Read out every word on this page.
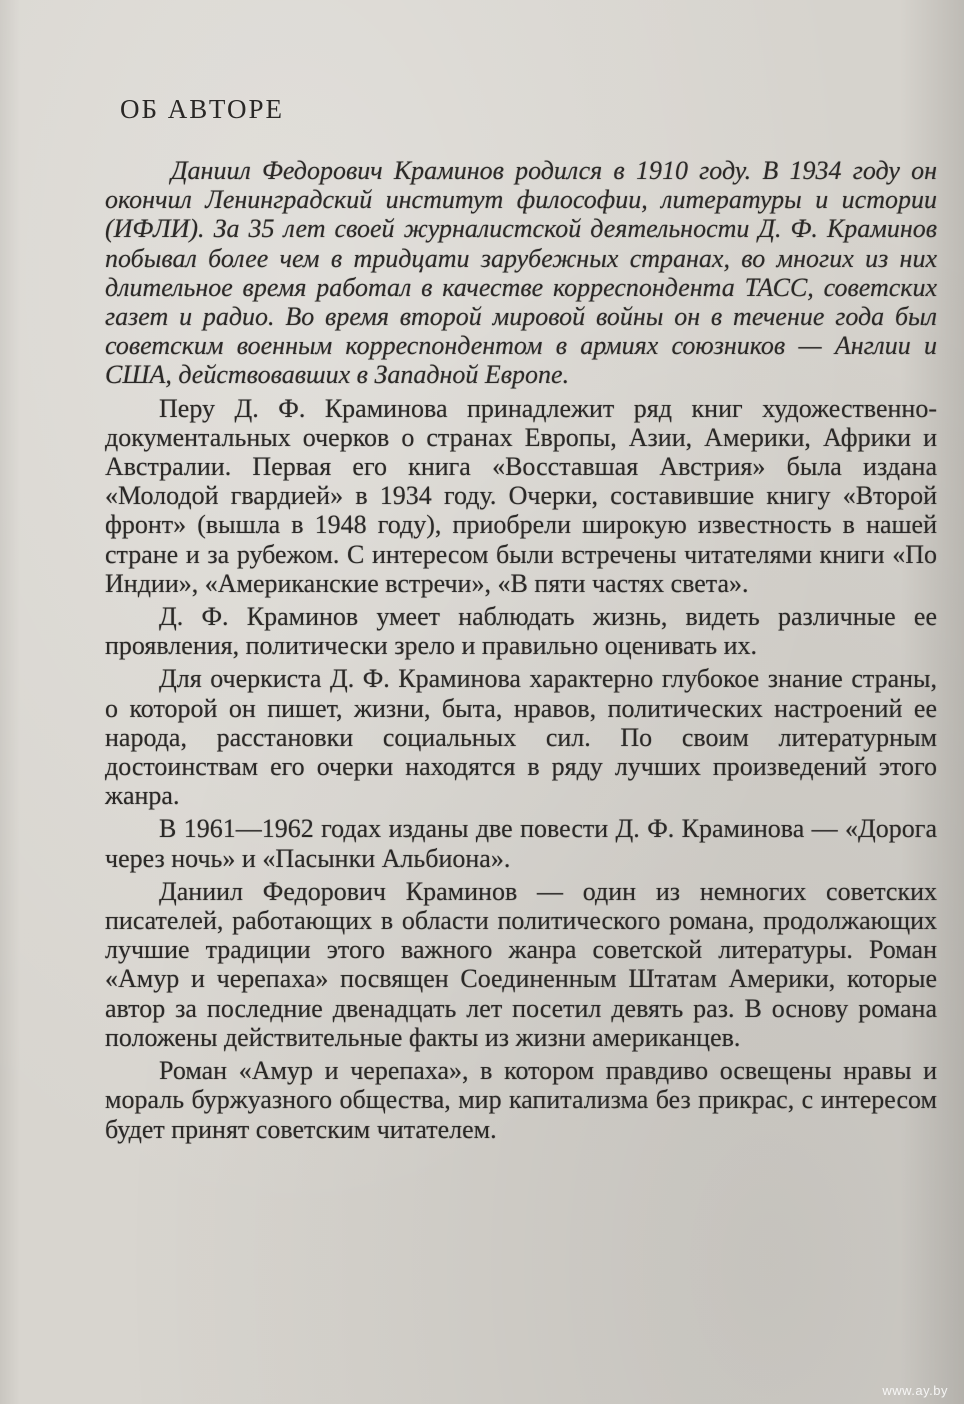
ОБ АВТОРЕ

Даниил Федорович Краминов родился в 1910 году. В 1934 году он окончил Ленинградский институт философии, литературы и истории (ИФЛИ). За 35 лет своей журналистской деятельности Д. Ф. Краминов побывал более чем в тридцати зарубежных странах, во многих из них длительное время работал в качестве корреспондента ТАСС, советских газет и радио. Во время второй мировой войны он в течение года был советским военным корреспондентом в армиях союзников — Англии и США, действовавших в Западной Европе.

Перу Д. Ф. Краминова принадлежит ряд книг художественно-документальных очерков о странах Европы, Азии, Америки, Африки и Австралии. Первая его книга «Восставшая Австрия» была издана «Молодой гвардией» в 1934 году. Очерки, составившие книгу «Второй фронт» (вышла в 1948 году), приобрели широкую известность в нашей стране и за рубежом. С интересом были встречены читателями книги «По Индии», «Американские встречи», «В пяти частях света».

Д. Ф. Краминов умеет наблюдать жизнь, видеть различные ее проявления, политически зрело и правильно оценивать их.

Для очеркиста Д. Ф. Краминова характерно глубокое знание страны, о которой он пишет, жизни, быта, нравов, политических настроений ее народа, расстановки социальных сил. По своим литературным достоинствам его очерки находятся в ряду лучших произведений этого жанра.

В 1961—1962 годах изданы две повести Д. Ф. Краминова — «Дорога через ночь» и «Пасынки Альбиона».

Даниил Федорович Краминов — один из немногих советских писателей, работающих в области политического романа, продолжающих лучшие традиции этого важного жанра советской литературы. Роман «Амур и черепаха» посвящен Соединенным Штатам Америки, которые автор за последние двенадцать лет посетил девять раз. В основу романа положены действительные факты из жизни американцев.

Роман «Амур и черепаха», в котором правдиво освещены нравы и мораль буржуазного общества, мир капитализма без прикрас, с интересом будет принят советским читателем.

www.ay.by
